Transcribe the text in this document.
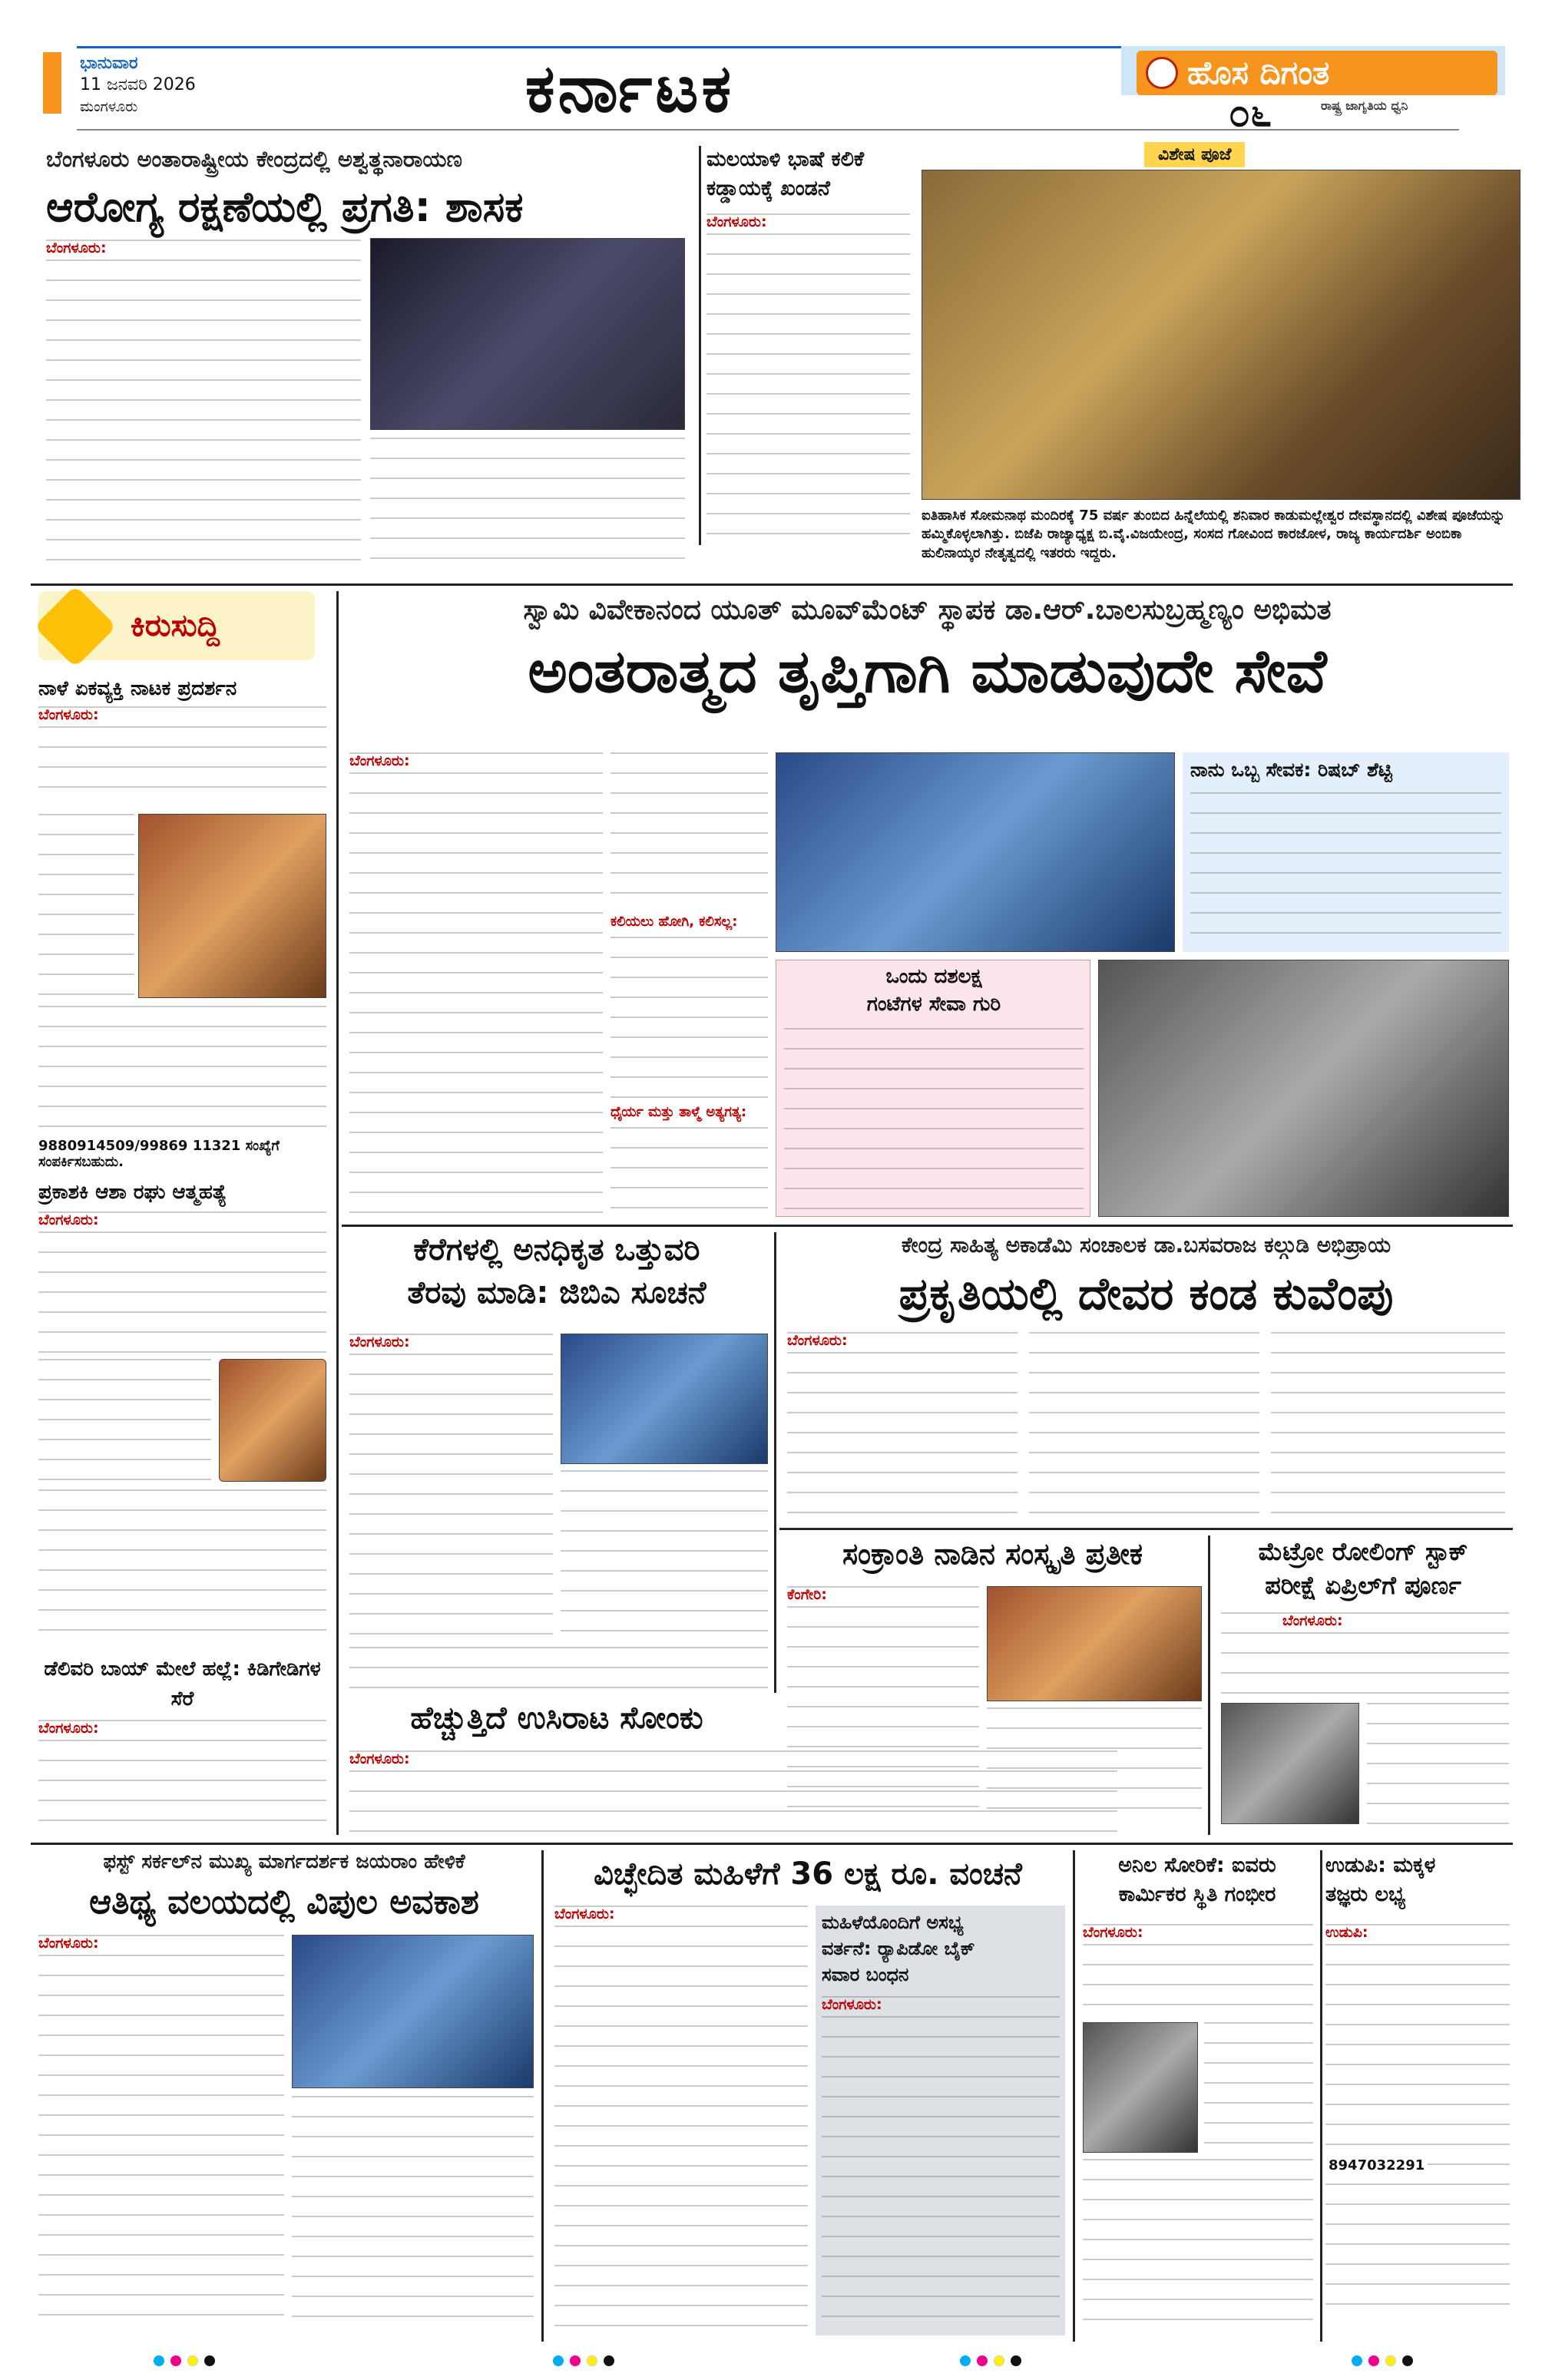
ಭಾನುವಾರ
11 ಜನವರಿ 2026
ಮಂಗಳೂರು	ಕರ್ನಾಟಕ	ಹೊಸ ದಿಗಂತ
೦೬	ರಾಷ್ಟ್ರ ಜಾಗೃತಿಯ ಧ್ವನಿ
ಬೆಂಗಳೂರು ಅಂತಾರಾಷ್ಟ್ರೀಯ ಕೇಂದ್ರದಲ್ಲಿ ಅಶ್ವತ್ಥನಾರಾಯಣ
ಆರೋಗ್ಯ ರಕ್ಷಣೆಯಲ್ಲಿ ಪ್ರಗತಿ: ಶಾಸಕ
ಬೆಂಗಳೂರು:
ಮಲಯಾಳಿ ಭಾಷೆ ಕಲಿಕೆ
ಕಡ್ಡಾಯಕ್ಕೆ ಖಂಡನೆ
ಬೆಂಗಳೂರು:
ವಿಶೇಷ ಪೂಜೆ
ಐತಿಹಾಸಿಕ ಸೋಮನಾಥ ಮಂದಿರಕ್ಕೆ 75 ವರ್ಷ ತುಂಬಿದ ಹಿನ್ನೆಲೆಯಲ್ಲಿ ಶನಿವಾರ ಕಾಡುಮಲ್ಲೇಶ್ವರ ದೇವಸ್ಥಾನದಲ್ಲಿ ವಿಶೇಷ ಪೂಜೆಯನ್ನು ಹಮ್ಮಿಕೊಳ್ಳಲಾಗಿತ್ತು. ಬಿಜೆಪಿ ರಾಜ್ಯಾಧ್ಯಕ್ಷ ಬಿ.ವೈ.ವಿಜಯೇಂದ್ರ, ಸಂಸದ ಗೋವಿಂದ ಕಾರಜೋಳ, ರಾಜ್ಯ ಕಾರ್ಯದರ್ಶಿ ಅಂಬಿಕಾ ಹುಲಿನಾಯ್ಕರ ನೇತೃತ್ವದಲ್ಲಿ ಇತರರು ಇದ್ದರು.
ಕಿರುಸುದ್ದಿ
ನಾಳೆ ಏಕವ್ಯಕ್ತಿ ನಾಟಕ ಪ್ರದರ್ಶನ
ಬೆಂಗಳೂರು:
9880914509/99869 11321 ಸಂಖ್ಯೆಗೆ ಸಂಪರ್ಕಿಸಬಹುದು.
ಪ್ರಕಾಶಕಿ ಆಶಾ ರಘು ಆತ್ಮಹತ್ಯೆ
ಬೆಂಗಳೂರು:
ಡೆಲಿವರಿ ಬಾಯ್ ಮೇಲೆ ಹಲ್ಲೆ: ಕಿಡಿಗೇಡಿಗಳ ಸೆರೆ
ಬೆಂಗಳೂರು:
ಸ್ವಾಮಿ ವಿವೇಕಾನಂದ ಯೂತ್ ಮೂವ್‌ಮೆಂಟ್ ಸ್ಥಾಪಕ ಡಾ.ಆರ್.ಬಾಲಸುಬ್ರಹ್ಮಣ್ಯಂ ಅಭಿಮತ
ಅಂತರಾತ್ಮದ ತೃಪ್ತಿಗಾಗಿ ಮಾಡುವುದೇ ಸೇವೆ
ಬೆಂಗಳೂರು:
ಕಲಿಯಲು ಹೋಗಿ, ಕಲಿಸಲ್ಲ:
ಧೈರ್ಯ ಮತ್ತು ತಾಳ್ಮೆ ಅತ್ಯಗತ್ಯ:
ನಾನು ಒಬ್ಬ ಸೇವಕ: ರಿಷಬ್ ಶೆಟ್ಟಿ
ಒಂದು ದಶಲಕ್ಷ
ಗಂಟೆಗಳ ಸೇವಾ ಗುರಿ
ಕೆರೆಗಳಲ್ಲಿ ಅನಧಿಕೃತ ಒತ್ತುವರಿ
ತೆರವು ಮಾಡಿ: ಜಿಬಿಎ ಸೂಚನೆ
ಬೆಂಗಳೂರು:
ಹೆಚ್ಚುತ್ತಿದೆ ಉಸಿರಾಟ ಸೋಂಕು
ಬೆಂಗಳೂರು:
ಕೇಂದ್ರ ಸಾಹಿತ್ಯ ಅಕಾಡೆಮಿ ಸಂಚಾಲಕ ಡಾ.ಬಸವರಾಜ ಕಲ್ಗುಡಿ ಅಭಿಪ್ರಾಯ
ಪ್ರಕೃತಿಯಲ್ಲಿ ದೇವರ ಕಂಡ ಕುವೆಂಪು
ಬೆಂಗಳೂರು:
ಸಂಕ್ರಾಂತಿ ನಾಡಿನ ಸಂಸ್ಕೃತಿ ಪ್ರತೀಕ
ಕೆಂಗೇರಿ:
ಮೆಟ್ರೋ ರೋಲಿಂಗ್ ಸ್ಟಾಕ್
ಪರೀಕ್ಷೆ ಏಪ್ರಿಲ್‌ಗೆ ಪೂರ್ಣ
ಬೆಂಗಳೂರು:
ಫಸ್ಟ್ ಸರ್ಕಲ್‌ನ ಮುಖ್ಯ ಮಾರ್ಗದರ್ಶಕ ಜಯರಾಂ ಹೇಳಿಕೆ
ಆತಿಥ್ಯ ವಲಯದಲ್ಲಿ ವಿಪುಲ ಅವಕಾಶ
ಬೆಂಗಳೂರು:
ವಿಚ್ಛೇದಿತ ಮಹಿಳೆಗೆ 36 ಲಕ್ಷ ರೂ. ವಂಚನೆ
ಬೆಂಗಳೂರು:	ಮಹಿಳೆಯೊಂದಿಗೆ ಅಸಭ್ಯ
ವರ್ತನೆ: ರ್‍ಯಾಪಿಡೋ ಬೈಕ್
ಸವಾರ ಬಂಧನ
ಬೆಂಗಳೂರು:
ಅನಿಲ ಸೋರಿಕೆ: ಐವರು
ಕಾರ್ಮಿಕರ ಸ್ಥಿತಿ ಗಂಭೀರ
ಬೆಂಗಳೂರು:
ಉಡುಪಿ: ಮಕ್ಕಳ
ತಜ್ಞರು ಲಭ್ಯ
ಉಡುಪಿ:
8947032291
